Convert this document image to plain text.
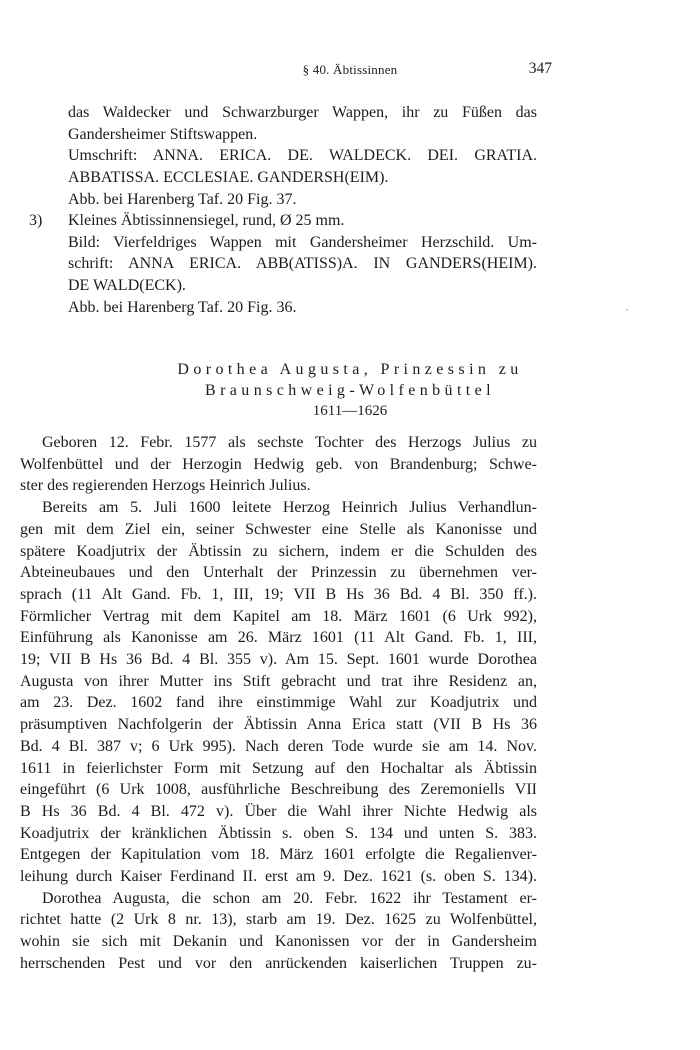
§ 40. Äbtissinnen	347
das Waldecker und Schwarzburger Wappen, ihr zu Füßen das
Gandersheimer Stiftswappen.
Umschrift: ANNA. ERICA. DE. WALDECK. DEI. GRATIA.
ABBATISSA. ECCLESIAE. GANDERSH(EIM).
Abb. bei Harenberg Taf. 20 Fig. 37.
3) Kleines Äbtissinnensiegel, rund, Ø 25 mm.
Bild: Vierfeldriges Wappen mit Gandersheimer Herzschild. Um-
schrift: ANNA ERICA. ABB(ATISS)A. IN GANDERS(HEIM).
DE WALD(ECK).
Abb. bei Harenberg Taf. 20 Fig. 36.
Dorothea Augusta, Prinzessin zu
Braunschweig-Wolfenbüttel
1611—1626
Geboren 12. Febr. 1577 als sechste Tochter des Herzogs Julius zu
Wolfenbüttel und der Herzogin Hedwig geb. von Brandenburg; Schwe-
ster des regierenden Herzogs Heinrich Julius.
Bereits am 5. Juli 1600 leitete Herzog Heinrich Julius Verhandlun-
gen mit dem Ziel ein, seiner Schwester eine Stelle als Kanonisse und
spätere Koadjutrix der Äbtissin zu sichern, indem er die Schulden des
Abteineubaues und den Unterhalt der Prinzessin zu übernehmen ver-
sprach (11 Alt Gand. Fb. 1, III, 19; VII B Hs 36 Bd. 4 Bl. 350 ff.).
Förmlicher Vertrag mit dem Kapitel am 18. März 1601 (6 Urk 992),
Einführung als Kanonisse am 26. März 1601 (11 Alt Gand. Fb. 1, III,
19; VII B Hs 36 Bd. 4 Bl. 355 v). Am 15. Sept. 1601 wurde Dorothea
Augusta von ihrer Mutter ins Stift gebracht und trat ihre Residenz an,
am 23. Dez. 1602 fand ihre einstimmige Wahl zur Koadjutrix und
präsumptiven Nachfolgerin der Äbtissin Anna Erica statt (VII B Hs 36
Bd. 4 Bl. 387 v; 6 Urk 995). Nach deren Tode wurde sie am 14. Nov.
1611 in feierlichster Form mit Setzung auf den Hochaltar als Äbtissin
eingeführt (6 Urk 1008, ausführliche Beschreibung des Zeremoniells VII
B Hs 36 Bd. 4 Bl. 472 v). Über die Wahl ihrer Nichte Hedwig als
Koadjutrix der kränklichen Äbtissin s. oben S. 134 und unten S. 383.
Entgegen der Kapitulation vom 18. März 1601 erfolgte die Regalienver-
leihung durch Kaiser Ferdinand II. erst am 9. Dez. 1621 (s. oben S. 134).
Dorothea Augusta, die schon am 20. Febr. 1622 ihr Testament er-
richtet hatte (2 Urk 8 nr. 13), starb am 19. Dez. 1625 zu Wolfenbüttel,
wohin sie sich mit Dekanin und Kanonissen vor der in Gandersheim
herrschenden Pest und vor den anrückenden kaiserlichen Truppen zu-
